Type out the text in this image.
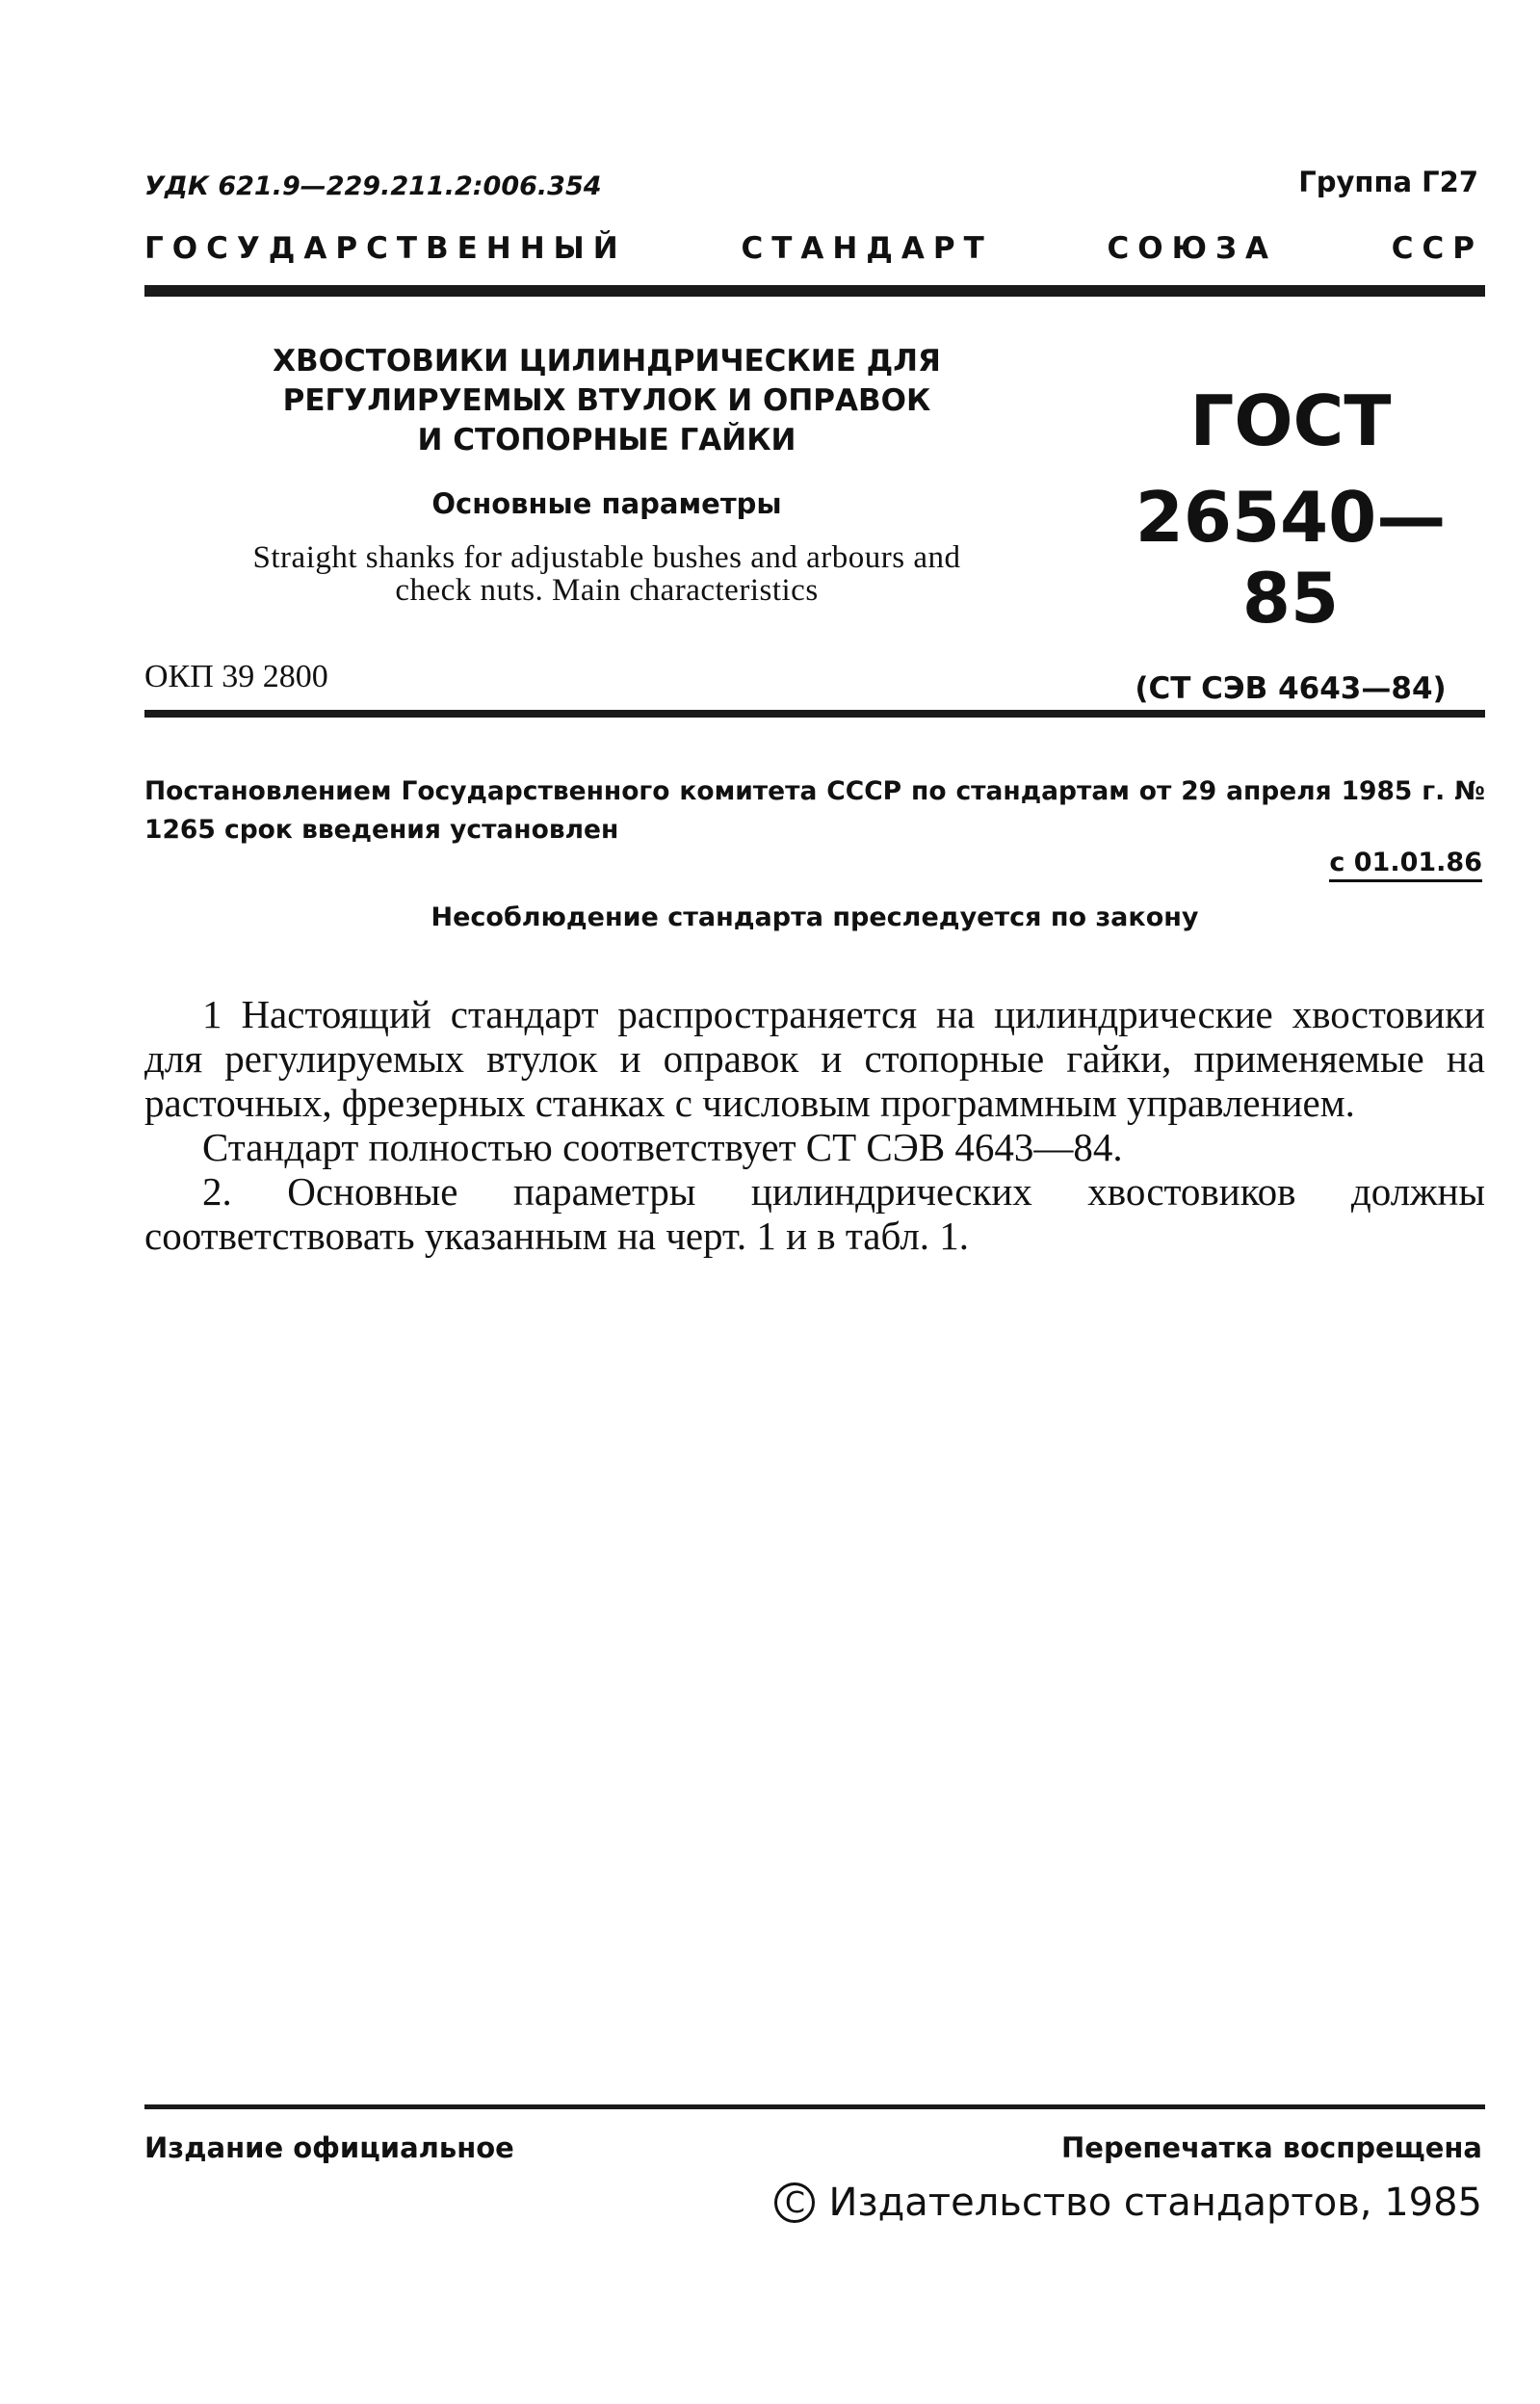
УДК 621.9—229.211.2:006.354	Группа Г27
ГОСУДАРСТВЕННЫЙ	СТАНДАРТ	СОЮЗА	ССР
ХВОСТОВИКИ ЦИЛИНДРИЧЕСКИЕ ДЛЯ
РЕГУЛИРУЕМЫХ ВТУЛОК И ОПРАВОК
И СТОПОРНЫЕ ГАЙКИ
Основные параметры
Straight shanks for adjustable bushes and arbours and check nuts. Main characteristics
ГОСТ
26540—85
(СТ СЭВ 4643—84)
ОКП 39 2800
Постановлением Государственного комитета СССР по стандартам от 29 апреля 1985 г. № 1265 срок введения установлен
с 01.01.86
Несоблюдение стандарта преследуется по закону

1 Настоящий стандарт распространяется на цилиндрические хвостовики для регулируемых втулок и оправок и стопорные гайки, применяемые на расточных, фрезерных станках с числовым программным управлением.

Стандарт полностью соответствует СТ СЭВ 4643—84.

2. Основные параметры цилиндрических хвостовиков должны соответствовать указанным на черт. 1 и в табл. 1.

Издание официальное	Перепечатка воспрещена
C Издательство стандартов, 1985
